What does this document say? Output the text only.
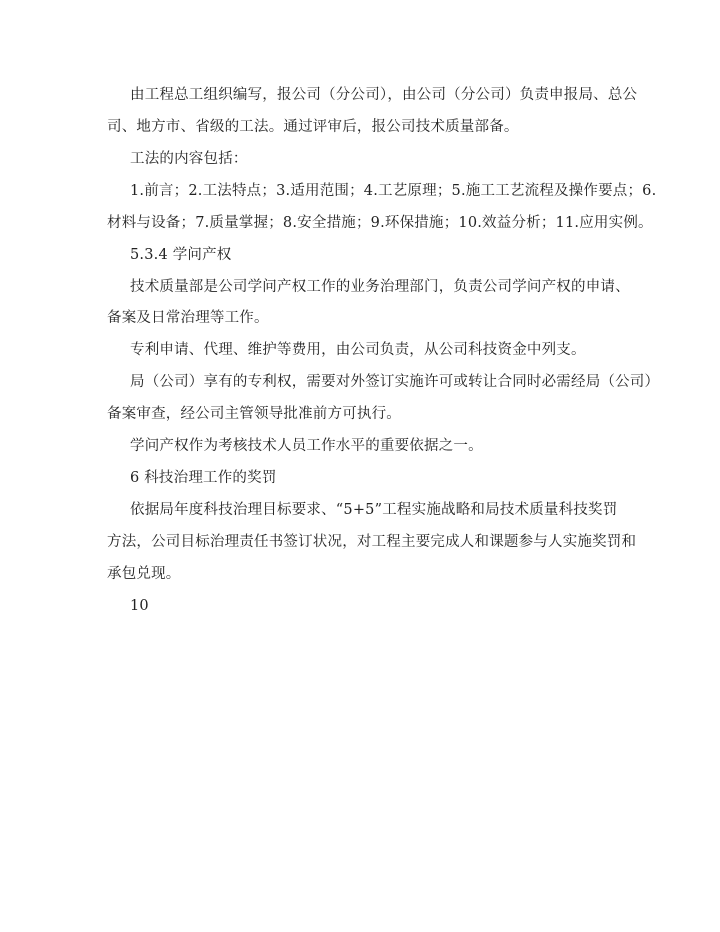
由工程总工组织编写，报公司（分公司），由公司（分公司）负责申报局、总公
司、地方市、省级的工法。通过评审后，报公司技术质量部备。
工法的内容包括：
1.前言；2.工法特点；3.适用范围；4.工艺原理；5.施工工艺流程及操作要点；6.
材料与设备；7.质量掌握；8.安全措施；9.环保措施；10.效益分析；11.应用实例。
5.3.4 学问产权
技术质量部是公司学问产权工作的业务治理部门，负责公司学问产权的申请、
备案及日常治理等工作。
专利申请、代理、维护等费用，由公司负责，从公司科技资金中列支。
局（公司）享有的专利权，需要对外签订实施许可或转让合同时必需经局（公司）
备案审查，经公司主管领导批准前方可执行。
学问产权作为考核技术人员工作水平的重要依据之一。
6 科技治理工作的奖罚
依据局年度科技治理目标要求、“5+5”工程实施战略和局技术质量科技奖罚
方法，公司目标治理责任书签订状况，对工程主要完成人和课题参与人实施奖罚和
承包兑现。
10
